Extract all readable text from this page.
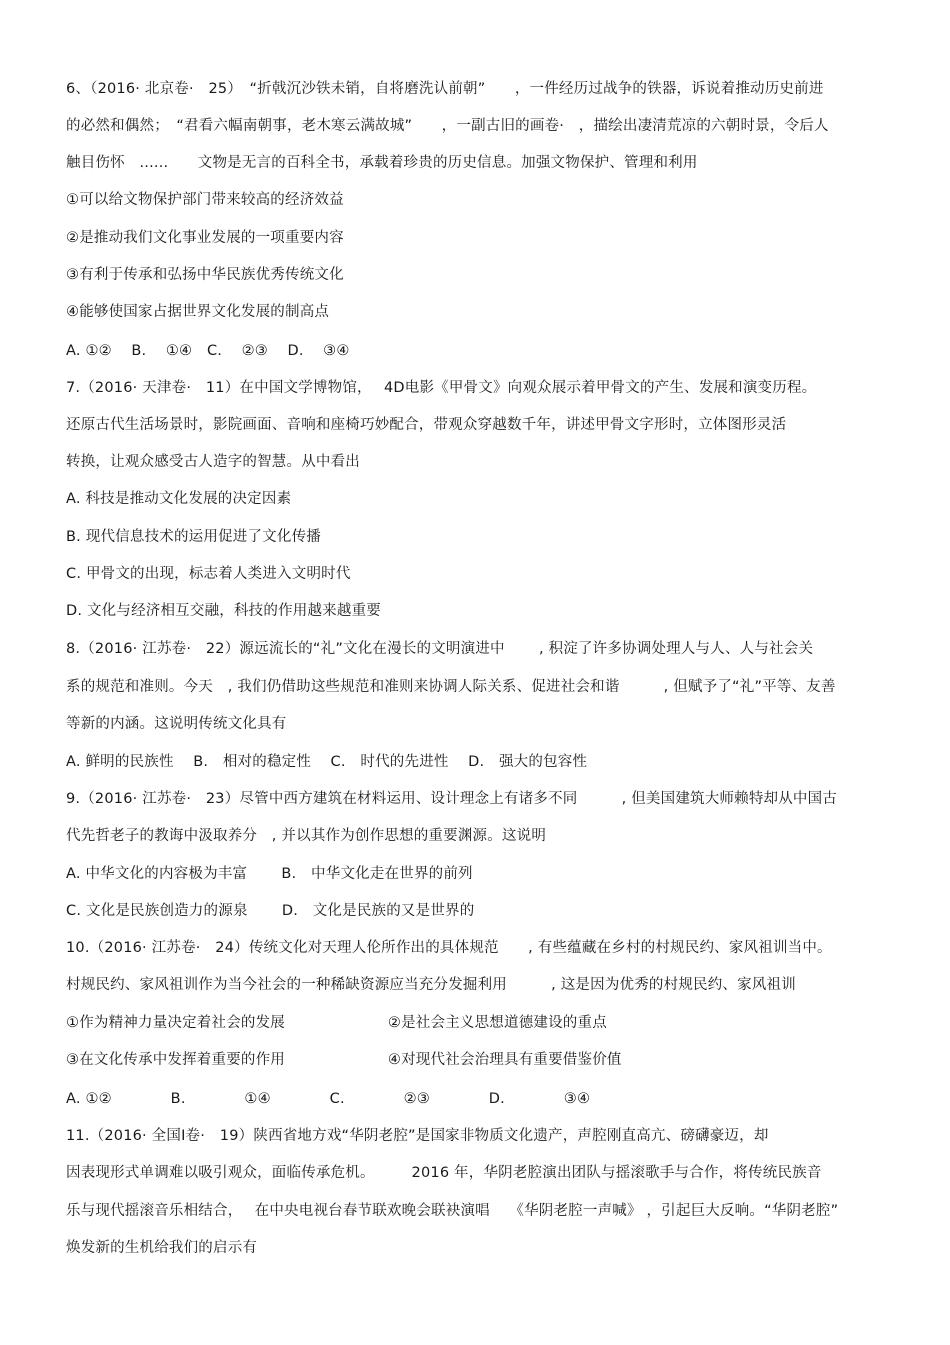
6、（2016· 北京卷·　25）　“折戟沉沙铁未销，自将磨洗认前朝”　　，一件经历过战争的铁器，诉说着推动历史前进
的必然和偶然；　“君看六幅南朝事，老木寒云满故城”　　，一副古旧的画卷·　，描绘出凄清荒凉的六朝时景，令后人
触目伤怀　......　　文物是无言的百科全书，承载着珍贵的历史信息。加强文物保护、管理和利用
①可以给文物保护部门带来较高的经济效益
②是推动我们文化事业发展的一项重要内容
③有利于传承和弘扬中华民族优秀传统文化
④能够使国家占据世界文化发展的制高点
A. ①②　 B.　 ①④　C.　 ②③　 D.　 ③④
7.（2016· 天津卷·　11）在中国文学博物馆，　 4D电影《甲骨文》向观众展示着甲骨文的产生、发展和演变历程。
还原古代生活场景时，影院画面、音响和座椅巧妙配合，带观众穿越数千年，讲述甲骨文字形时，立体图形灵活
转换，让观众感受古人造字的智慧。从中看出
A. 科技是推动文化发展的决定因素
B. 现代信息技术的运用促进了文化传播
C. 甲骨文的出现，标志着人类进入文明时代
D. 文化与经济相互交融，科技的作用越来越重要
8.（2016· 江苏卷·　22）源远流长的“礼”文化在漫长的文明演进中　　 , 积淀了许多协调处理人与人、人与社会关
系的规范和准则。今天　, 我们仍借助这些规范和准则来协调人际关系、促进社会和谐　　　, 但赋予了“礼”平等、友善
等新的内涵。这说明传统文化具有
A. 鲜明的民族性　 B.　相对的稳定性　 C.　时代的先进性　 D.　强大的包容性
9.（2016· 江苏卷·　23）尽管中西方建筑在材料运用、设计理念上有诸多不同　　　, 但美国建筑大师赖特却从中国古
代先哲老子的教诲中汲取养分　, 并以其作为创作思想的重要渊源。这说明
A. 中华文化的内容极为丰富　　 B.　中华文化走在世界的前列
C. 文化是民族创造力的源泉　　 D.　文化是民族的又是世界的
10.（2016· 江苏卷·　24）传统文化对天理人伦所作出的具体规范　　, 有些蕴藏在乡村的村规民约、家风祖训当中。
村规民约、家风祖训作为当今社会的一种稀缺资源应当充分发掘利用　　　, 这是因为优秀的村规民约、家风祖训
①作为精神力量决定着社会的发展　　　　　　　②是社会主义思想道德建设的重点
③在文化传承中发挥着重要的作用　　　　　　　④对现代社会治理具有重要借鉴价值
A. ①②　　　　B.　　　　①④　　　　C.　　　　②③　　　　D.　　　　③④
11.（2016· 全国Ⅰ卷·　19）陕西省地方戏“华阴老腔”是国家非物质文化遗产，声腔刚直高亢、磅礴豪迈，却
因表现形式单调难以吸引观众，面临传承危机。　　　2016 年，华阴老腔演出团队与摇滚歌手与合作，将传统民族音
乐与现代摇滚音乐相结合，　 在中央电视台春节联欢晚会联袂演唱　 《华阴老腔一声喊》 ，引起巨大反响。“华阴老腔”
焕发新的生机给我们的启示有
